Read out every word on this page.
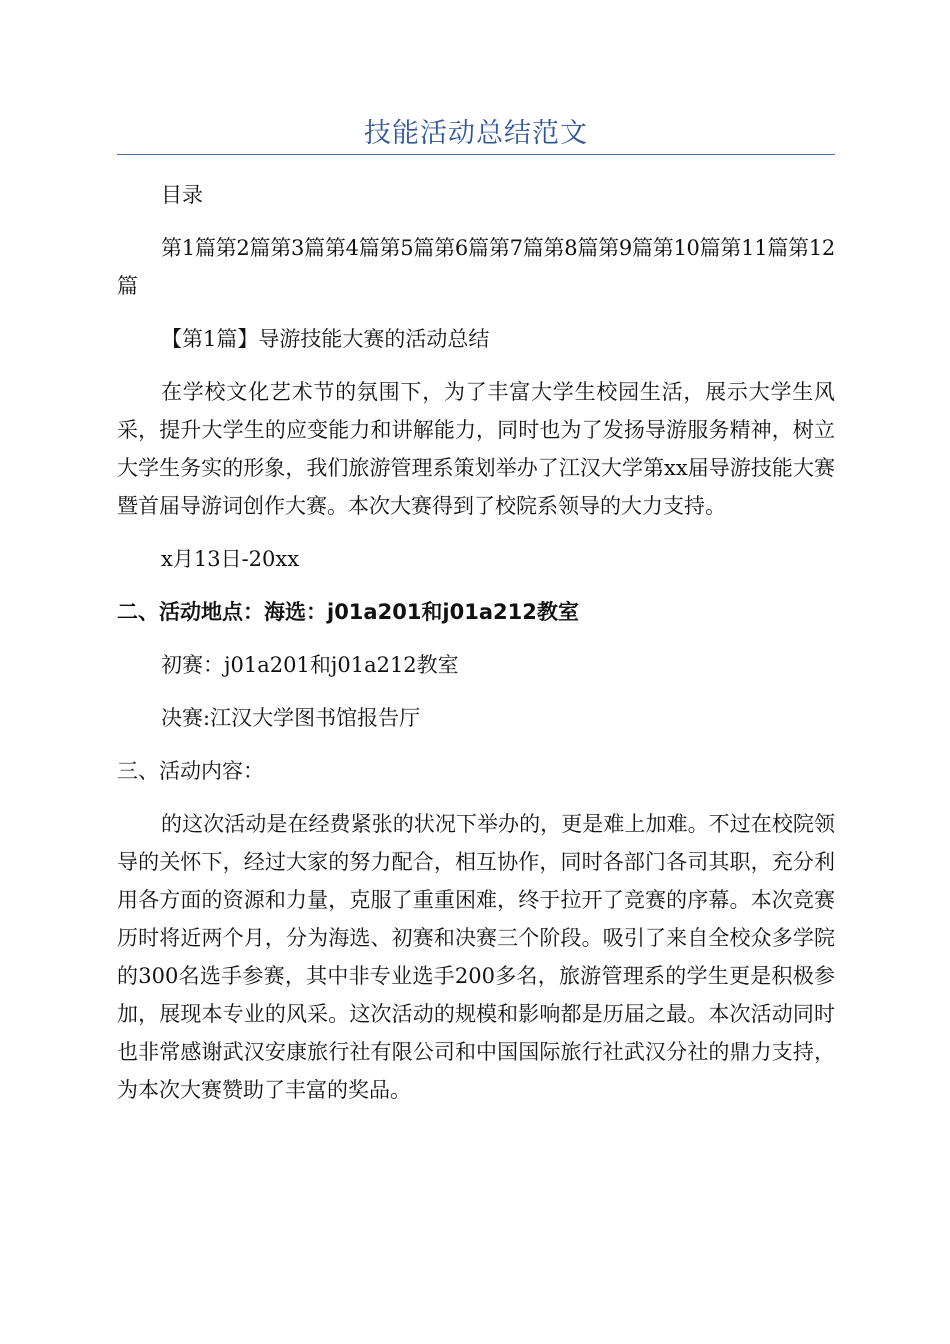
技能活动总结范文

目录

第1篇第2篇第3篇第4篇第5篇第6篇第7篇第8篇第9篇第10篇第11篇第12篇

【第1篇】导游技能大赛的活动总结

在学校文化艺术节的氛围下，为了丰富大学生校园生活，展示大学生风采，提升大学生的应变能力和讲解能力，同时也为了发扬导游服务精神，树立大学生务实的形象，我们旅游管理系策划举办了江汉大学第xx届导游技能大赛暨首届导游词创作大赛。本次大赛得到了校院系领导的大力支持。

x月13日-20xx

二、活动地点：海选：j01a201和j01a212教室

初赛：j01a201和j01a212教室

决赛:江汉大学图书馆报告厅

三、活动内容：

的这次活动是在经费紧张的状况下举办的，更是难上加难。不过在校院领导的关怀下，经过大家的努力配合，相互协作，同时各部门各司其职，充分利用各方面的资源和力量，克服了重重困难，终于拉开了竞赛的序幕。本次竞赛历时将近两个月，分为海选、初赛和决赛三个阶段。吸引了来自全校众多学院的300名选手参赛，其中非专业选手200多名，旅游管理系的学生更是积极参加，展现本专业的风采。这次活动的规模和影响都是历届之最。本次活动同时也非常感谢武汉安康旅行社有限公司和中国国际旅行社武汉分社的鼎力支持，为本次大赛赞助了丰富的奖品。
